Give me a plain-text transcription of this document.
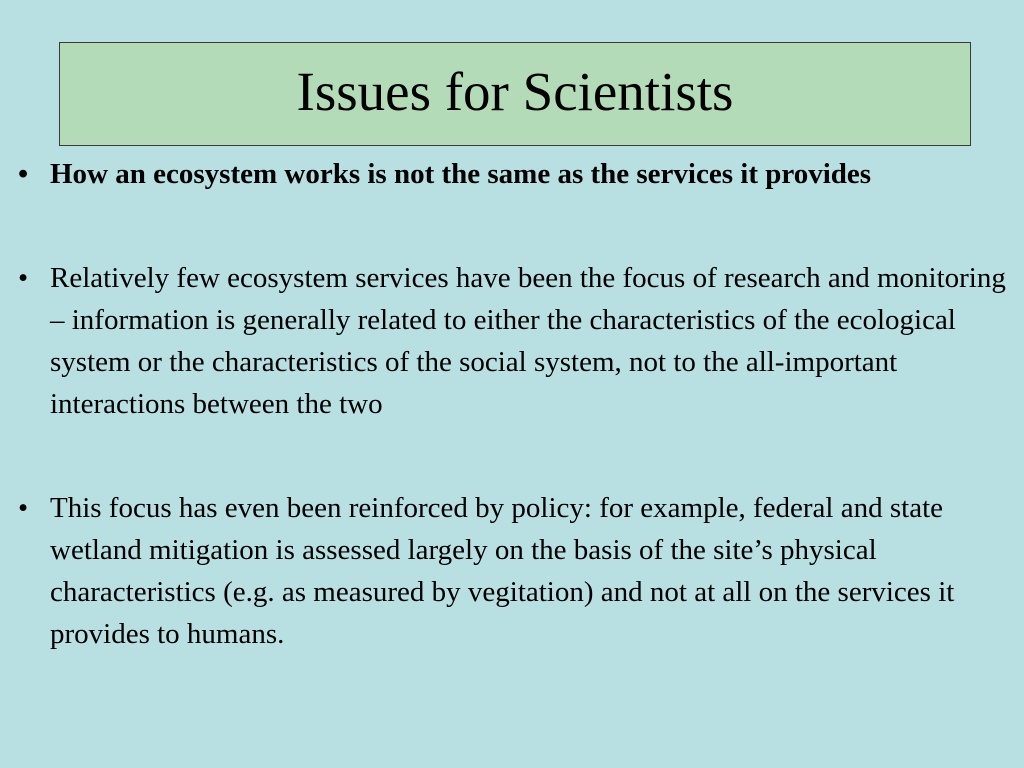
Issues for Scientists
• How an ecosystem works is not the same as the services it provides
• Relatively few ecosystem services have been the focus of research and monitoring – information is generally related to either the characteristics of the ecological system or the characteristics of the social system, not to the all-important interactions between the two
• This focus has even been reinforced by policy: for example, federal and state wetland mitigation is assessed largely on the basis of the site’s physical characteristics (e.g. as measured by vegitation) and not at all on the services it provides to humans.
